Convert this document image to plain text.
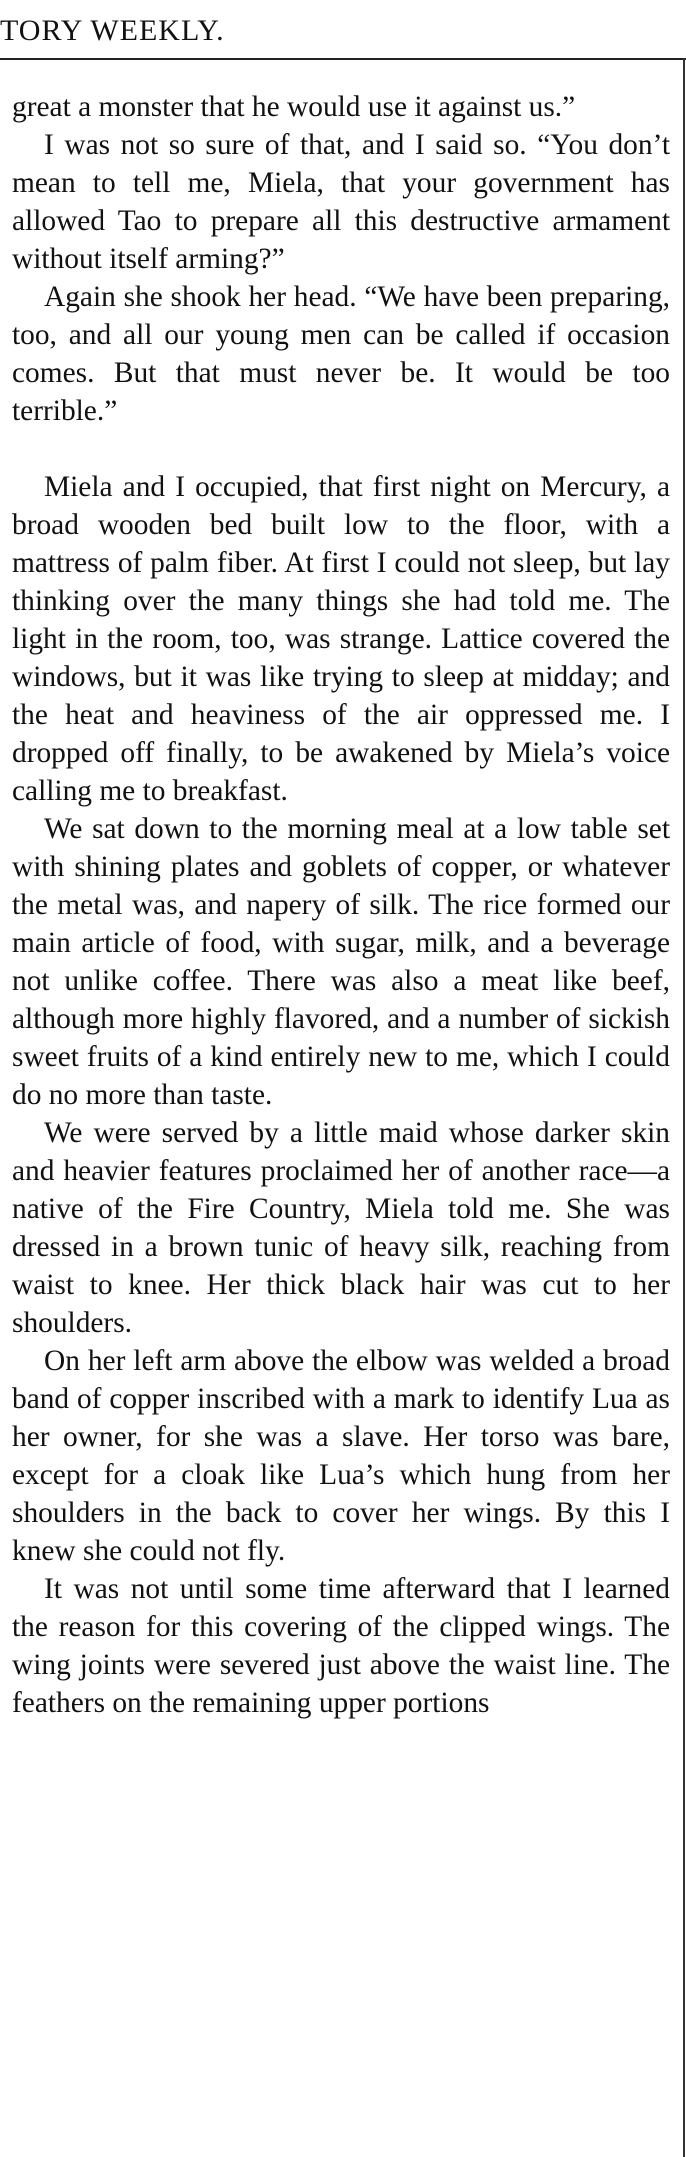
TORY WEEKLY.

great a monster that he would use it against us.”

I was not so sure of that, and I said so. “You don’t mean to tell me, Miela, that your government has allowed Tao to prepare all this destructive armament without itself arming?”

Again she shook her head. “We have been preparing, too, and all our young men can be called if occasion comes. But that must never be. It would be too terrible.”

Miela and I occupied, that first night on Mercury, a broad wooden bed built low to the floor, with a mattress of palm fiber. At first I could not sleep, but lay thinking over the many things she had told me. The light in the room, too, was strange. Lattice covered the windows, but it was like trying to sleep at midday; and the heat and heaviness of the air oppressed me. I dropped off finally, to be awakened by Miela’s voice calling me to breakfast.

We sat down to the morning meal at a low table set with shining plates and goblets of copper, or whatever the metal was, and napery of silk. The rice formed our main article of food, with sugar, milk, and a beverage not unlike coffee. There was also a meat like beef, although more highly flavored, and a number of sickish sweet fruits of a kind entirely new to me, which I could do no more than taste.

We were served by a little maid whose darker skin and heavier features proclaimed her of another race—a native of the Fire Country, Miela told me. She was dressed in a brown tunic of heavy silk, reaching from waist to knee. Her thick black hair was cut to her shoulders.

On her left arm above the elbow was welded a broad band of copper inscribed with a mark to identify Lua as her owner, for she was a slave. Her torso was bare, except for a cloak like Lua’s which hung from her shoulders in the back to cover her wings. By this I knew she could not fly.

It was not until some time afterward that I learned the reason for this covering of the clipped wings. The wing joints were severed just above the waist line. The feathers on the remaining upper portions
